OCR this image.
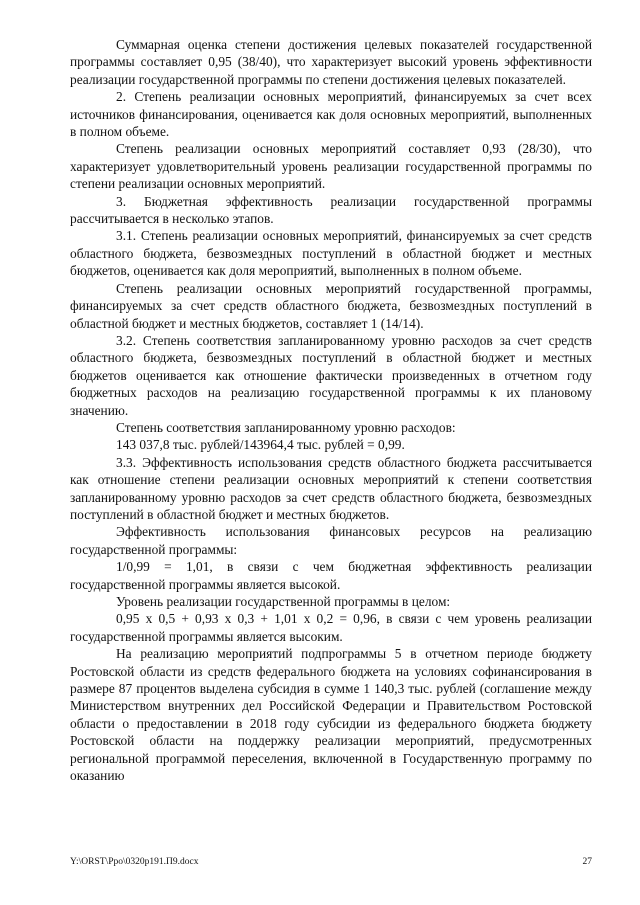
Суммарная оценка степени достижения целевых показателей государственной программы составляет 0,95 (38/40), что характеризует высокий уровень эффективности реализации государственной программы по степени достижения целевых показателей.

2. Степень реализации основных мероприятий, финансируемых за счет всех источников финансирования, оценивается как доля основных мероприятий, выполненных в полном объеме.

Степень реализации основных мероприятий составляет 0,93 (28/30), что характеризует удовлетворительный уровень реализации государственной программы по степени реализации основных мероприятий.

3. Бюджетная эффективность реализации государственной программы рассчитывается в несколько этапов.

3.1. Степень реализации основных мероприятий, финансируемых за счет средств областного бюджета, безвозмездных поступлений в областной бюджет и местных бюджетов, оценивается как доля мероприятий, выполненных в полном объеме.

Степень реализации основных мероприятий государственной программы, финансируемых за счет средств областного бюджета, безвозмездных поступлений в областной бюджет и местных бюджетов, составляет 1 (14/14).

3.2. Степень соответствия запланированному уровню расходов за счет средств областного бюджета, безвозмездных поступлений в областной бюджет и местных бюджетов оценивается как отношение фактически произведенных в отчетном году бюджетных расходов на реализацию государственной программы к их плановому значению.

Степень соответствия запланированному уровню расходов:

143 037,8 тыс. рублей/143964,4 тыс. рублей = 0,99.

3.3. Эффективность использования средств областного бюджета рассчитывается как отношение степени реализации основных мероприятий к степени соответствия запланированному уровню расходов за счет средств областного бюджета, безвозмездных поступлений в областной бюджет и местных бюджетов.

Эффективность использования финансовых ресурсов на реализацию государственной программы:

1/0,99 = 1,01, в связи с чем бюджетная эффективность реализации государственной программы является высокой.

Уровень реализации государственной программы в целом:

0,95 х 0,5 + 0,93 х 0,3 + 1,01 х 0,2 = 0,96, в связи с чем уровень реализации государственной программы является высоким.

На реализацию мероприятий подпрограммы 5 в отчетном периоде бюджету Ростовской области из средств федерального бюджета на условиях софинансирования в размере 87 процентов выделена субсидия в сумме 1 140,3 тыс. рублей (соглашение между Министерством внутренних дел Российской Федерации и Правительством Ростовской области о предоставлении в 2018 году субсидии из федерального бюджета бюджету Ростовской области на поддержку реализации мероприятий, предусмотренных региональной программой переселения, включенной в Государственную программу по оказанию

Y:\ORST\Ppo\0320p191.П9.docx	27
